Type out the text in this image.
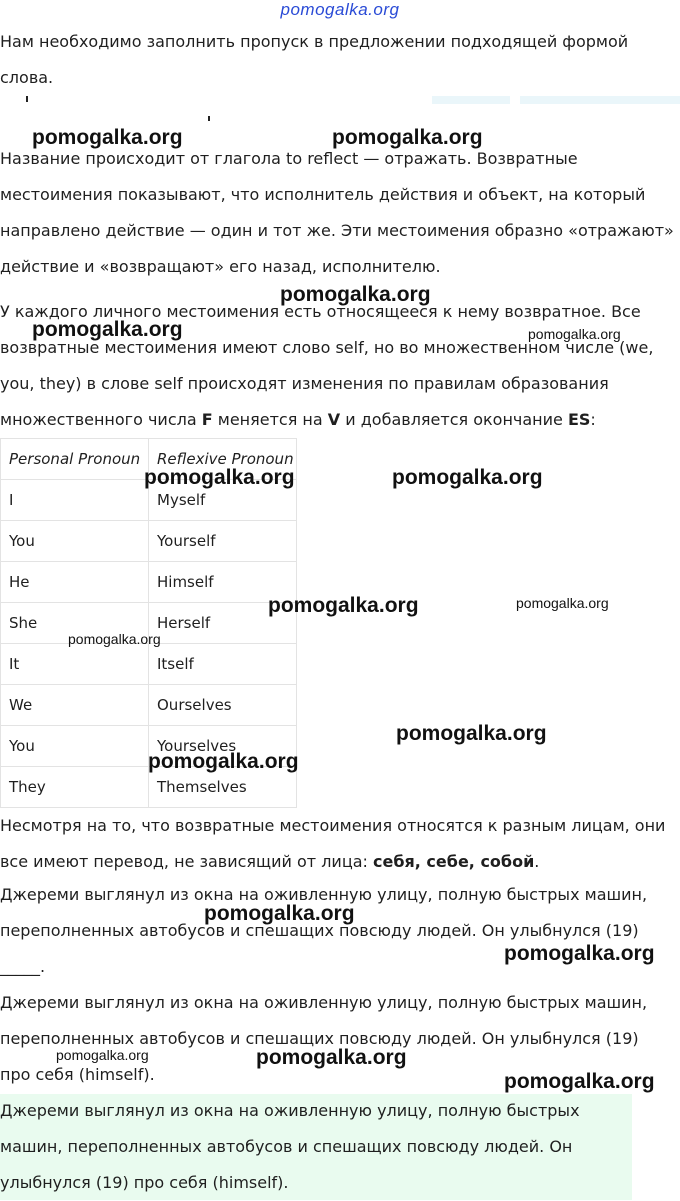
pomogalka.org

Нам необходимо заполнить пропуск в предложении подходящей формой

слова.

Название происходит от глагола to reflect — отражать. Возвратные местоимения показывают, что исполнитель действия и объект, на который направлено действие — один и тот же. Эти местоимения образно «отражают» действие и «возвращают» его назад, исполнителю.

У каждого личного местоимения есть относящееся к нему возвратное. Все возвратные местоимения имеют слово self, но во множественном числе (we, you, they) в слове self происходят изменения по правилам образования множественного числа F меняется на V и добавляется окончание ES:

Personal Pronoun	Reflexive Pronoun
I	Myself
You	Yourself
He	Himself
She	Herself
It	Itself
We	Ourselves
You	Yourselves
They	Themselves

Несмотря на то, что возвратные местоимения относятся к разным лицам, они все имеют перевод, не зависящий от лица: себя, себе, собой.

Джереми выглянул из окна на оживленную улицу, полную быстрых машин, переполненных автобусов и спешащих повсюду людей. Он улыбнулся (19)
_____.

Джереми выглянул из окна на оживленную улицу, полную быстрых машин, переполненных автобусов и спешащих повсюду людей. Он улыбнулся (19) про себя (himself).

Джереми выглянул из окна на оживленную улицу, полную быстрых машин, переполненных автобусов и спешащих повсюду людей. Он улыбнулся (19) про себя (himself).

pomogalka.org	pomogalka.org
pomogalka.org
pomogalka.org	pomogalka.org
pomogalka.org	pomogalka.org
pomogalka.org	pomogalka.org
pomogalka.org
pomogalka.org
pomogalka.org
pomogalka.org
pomogalka.org
pomogalka.org	pomogalka.org
pomogalka.org
